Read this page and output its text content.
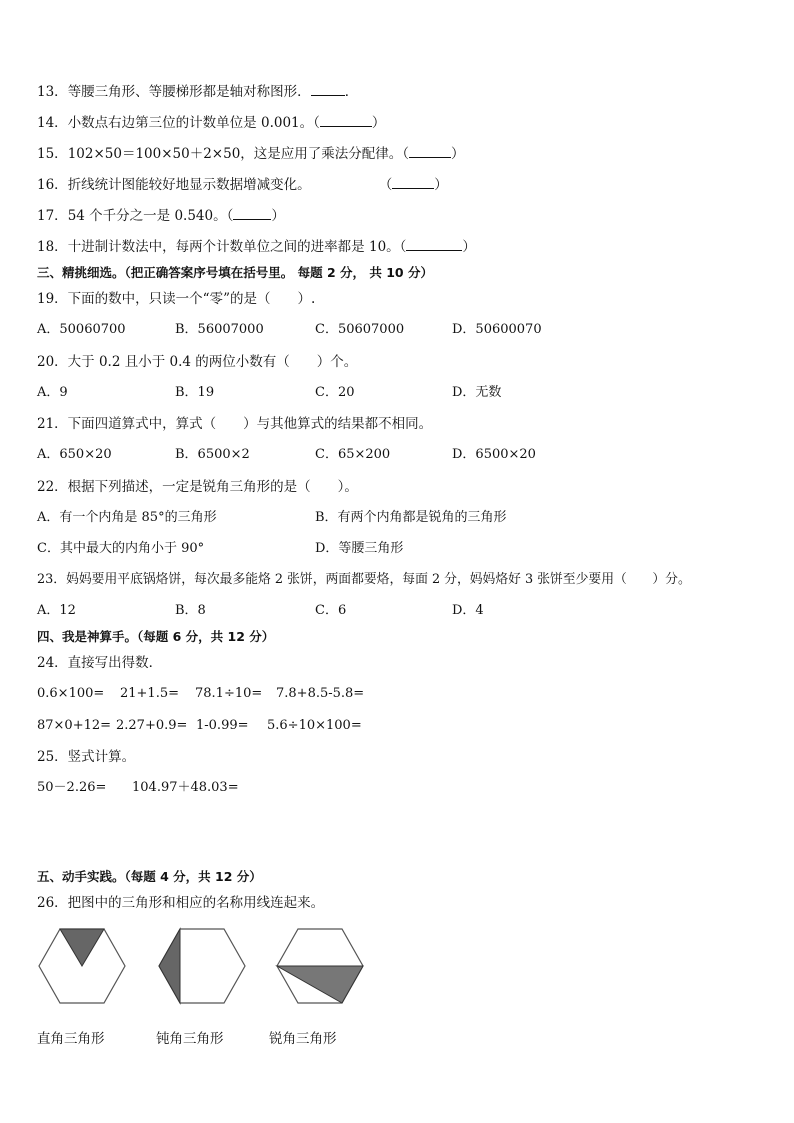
13．等腰三角形、等腰梯形都是轴对称图形．	．
14．小数点右边第三位的计数单位是 0.001。（	）
15．102×50＝100×50＋2×50，这是应用了乘法分配律。（	）
16．折线统计图能较好地显示数据增减变化。	（	）
17．54 个千分之一是 0.540。（	）
18．十进制计数法中，每两个计数单位之间的进率都是 10。（	）
三、精挑细选。（把正确答案序号填在括号里。 每题 2 分， 共 10 分）
19．下面的数中，只读一个“零”的是（　　）.
A．50060700	B．56007000	C．50607000	D．50600070
20．大于 0.2 且小于 0.4 的两位小数有（　　）个。
A．9	B．19	C．20	D．无数
21．下面四道算式中，算式（　　）与其他算式的结果都不相同。
A．650×20	B．6500×2	C．65×200	D．6500×20
22．根据下列描述，一定是锐角三角形的是（　　）。
A．有一个内角是 85°的三角形	B．有两个内角都是锐角的三角形
C．其中最大的内角小于 90°	D．等腰三角形
23．妈妈要用平底锅烙饼，每次最多能烙 2 张饼，两面都要烙，每面 2 分，妈妈烙好 3 张饼至少要用（　　）分。
A．12	B．8	C．6	D．4
四、我是神算手。（每题 6 分，共 12 分）
24．直接写出得数．
0.6×100= 21+1.5= 78.1÷10= 7.8+8.5-5.8=
87×0+12= 2.27+0.9= 1-0.99= 5.6÷10×100=
25．竖式计算。
50－2.26= 104.97＋48.03=
五、动手实践。（每题 4 分，共 12 分）
26．把图中的三角形和相应的名称用线连起来。
直角三角形	钝角三角形	锐角三角形
